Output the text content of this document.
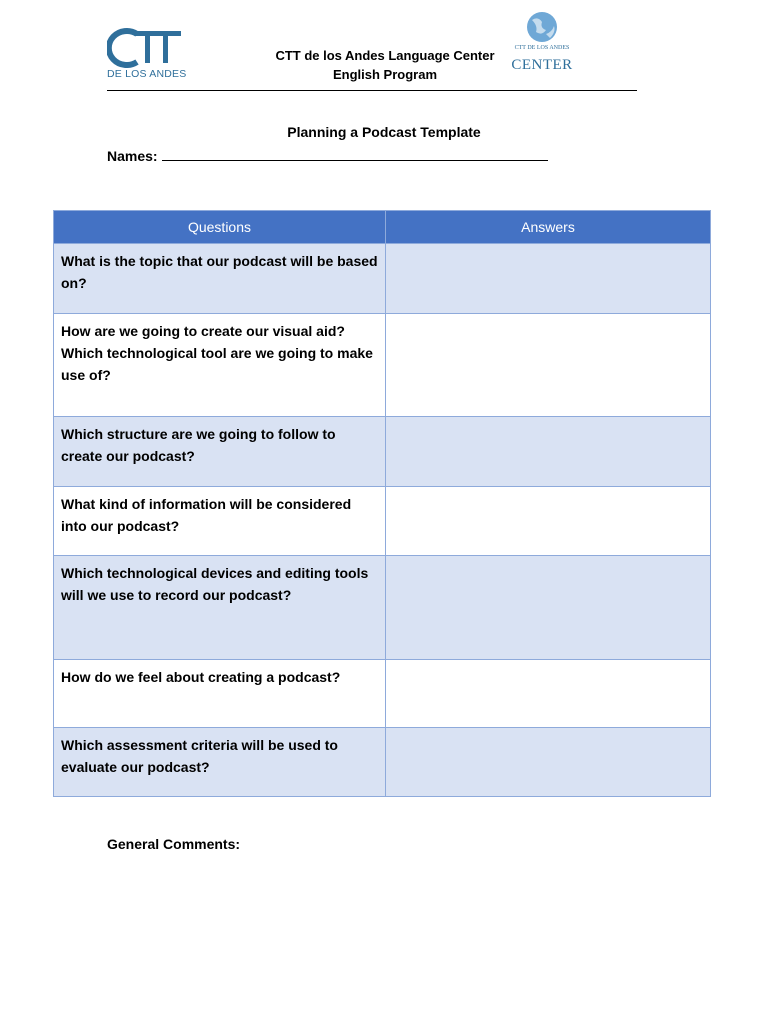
DE LOS ANDES
CTT de los Andes Language Center
English Program
CTT DE LOS ANDES
CENTER
Planning a Podcast Template
Names:
Questions	Answers
What is the topic that our podcast will be based on?	
How are we going to create our visual aid? Which technological tool are we going to make use of?	
Which structure are we going to follow to create our podcast?	
What kind of information will be considered into our podcast?	
Which technological devices and editing tools will we use to record our podcast?	
How do we feel about creating a podcast?	
Which assessment criteria will be used to evaluate our podcast?	
General Comments:
